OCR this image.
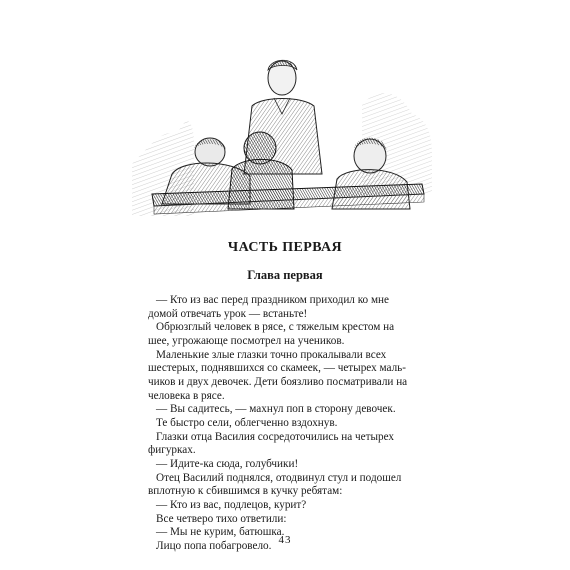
ЧАСТЬ ПЕРВАЯ
Глава первая
— Кто из вас перед праздником приходил ко мне
домой отвечать урок — встаньте!
Обрюзглый человек в рясе, с тяжелым крестом на
шее, угрожающе посмотрел на учеников.
Маленькие злые глазки точно прокалывали всех
шестерых, поднявшихся со скамеек, — четырех маль-
чиков и двух девочек. Дети боязливо посматривали на
человека в рясе.
— Вы садитесь, — махнул поп в сторону девочек.
Те быстро сели, облегченно вздохнув.
Глазки отца Василия сосредоточились на четырех
фигурках.
— Идите-ка сюда, голубчики!
Отец Василий поднялся, отодвинул стул и подошел
вплотную к сбившимся в кучку ребятам:
— Кто из вас, подлецов, курит?
Все четверо тихо ответили:
— Мы не курим, батюшка.
Лицо попа побагровело. 43
